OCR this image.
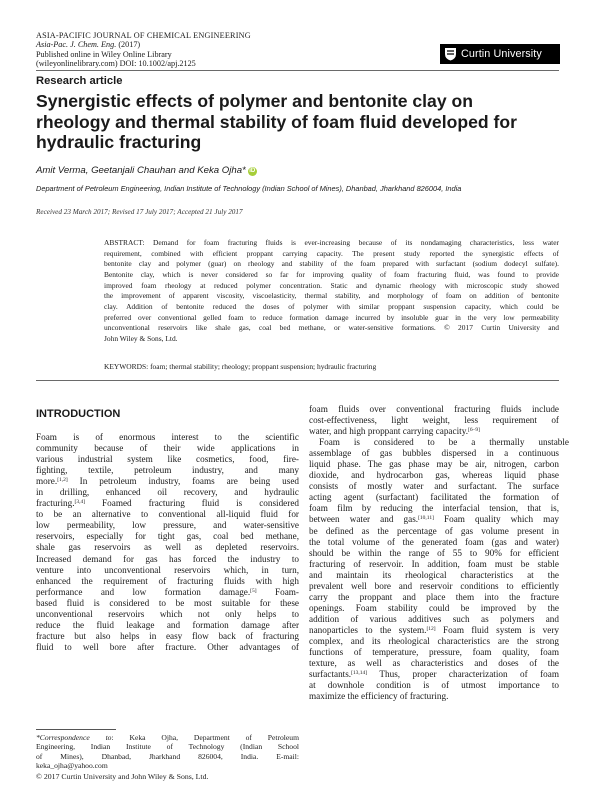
ASIA-PACIFIC JOURNAL OF CHEMICAL ENGINEERING
Asia-Pac. J. Chem. Eng. (2017)
Published online in Wiley Online Library
(wileyonlinelibrary.com) DOI: 10.1002/apj.2125
Curtin University
Research article
Synergistic effects of polymer and bentonite clay on
rheology and thermal stability of foam fluid developed for
hydraulic fracturing
Amit Verma, Geetanjali Chauhan and Keka Ojha* iD
Department of Petroleum Engineering, Indian Institute of Technology (Indian School of Mines), Dhanbad, Jharkhand 826004, India
Received 23 March 2017; Revised 17 July 2017; Accepted 21 July 2017
ABSTRACT: Demand for foam fracturing fluids is ever-increasing because of its nondamaging characteristics, less water
requirement, combined with efficient proppant carrying capacity. The present study reported the synergistic effects of
bentonite clay and polymer (guar) on rheology and stability of the foam prepared with surfactant (sodium dodecyl sulfate).
Bentonite clay, which is never considered so far for improving quality of foam fracturing fluid, was found to provide
improved foam rheology at reduced polymer concentration. Static and dynamic rheology with microscopic study showed
the improvement of apparent viscosity, viscoelasticity, thermal stability, and morphology of foam on addition of bentonite
clay. Addition of bentonite reduced the doses of polymer with similar proppant suspension capacity, which could be
preferred over conventional gelled foam to reduce formation damage incurred by insoluble guar in the very low permeability
unconventional reservoirs like shale gas, coal bed methane, or water-sensitive formations. © 2017 Curtin University and
John Wiley & Sons, Ltd.
KEYWORDS: foam; thermal stability; rheology; proppant suspension; hydraulic fracturing
INTRODUCTION
Foam is of enormous interest to the scientific
community because of their wide applications in
various industrial system like cosmetics, food, fire-
fighting, textile, petroleum industry, and many
more.[1,2] In petroleum industry, foams are being used
in drilling, enhanced oil recovery, and hydraulic
fracturing.[3,4] Foamed fracturing fluid is considered
to be an alternative to conventional all-liquid fluid for
low permeability, low pressure, and water-sensitive
reservoirs, especially for tight gas, coal bed methane,
shale gas reservoirs as well as depleted reservoirs.
Increased demand for gas has forced the industry to
venture into unconventional reservoirs which, in turn,
enhanced the requirement of fracturing fluids with high
performance and low formation damage.[5] Foam-
based fluid is considered to be most suitable for these
unconventional reservoirs which not only helps to
reduce the fluid leakage and formation damage after
fracture but also helps in easy flow back of fracturing
fluid to well bore after fracture. Other advantages of
foam fluids over conventional fracturing fluids include
cost-effectiveness, light weight, less requirement of
water, and high proppant carrying capacity.[6–9]
Foam is considered to be a thermally unstable
assemblage of gas bubbles dispersed in a continuous
liquid phase. The gas phase may be air, nitrogen, carbon
dioxide, and hydrocarbon gas, whereas liquid phase
consists of mostly water and surfactant. The surface
acting agent (surfactant) facilitated the formation of
foam film by reducing the interfacial tension, that is,
between water and gas.[10,11] Foam quality which may
be defined as the percentage of gas volume present in
the total volume of the generated foam (gas and water)
should be within the range of 55 to 90% for efficient
fracturing of reservoir. In addition, foam must be stable
and maintain its rheological characteristics at the
prevalent well bore and reservoir conditions to efficiently
carry the proppant and place them into the fracture
openings. Foam stability could be improved by the
addition of various additives such as polymers and
nanoparticles to the system.[12] Foam fluid system is very
complex, and its rheological characteristics are the strong
functions of temperature, pressure, foam quality, foam
texture, as well as characteristics and doses of the
surfactants.[13,14] Thus, proper characterization of foam
at downhole condition is of utmost importance to
maximize the efficiency of fracturing.
*Correspondence to: Keka Ojha, Department of Petroleum
Engineering, Indian Institute of Technology (Indian School
of Mines), Dhanbad, Jharkhand 826004, India. E-mail:
keka_ojha@yahoo.com
© 2017 Curtin University and John Wiley & Sons, Ltd.
